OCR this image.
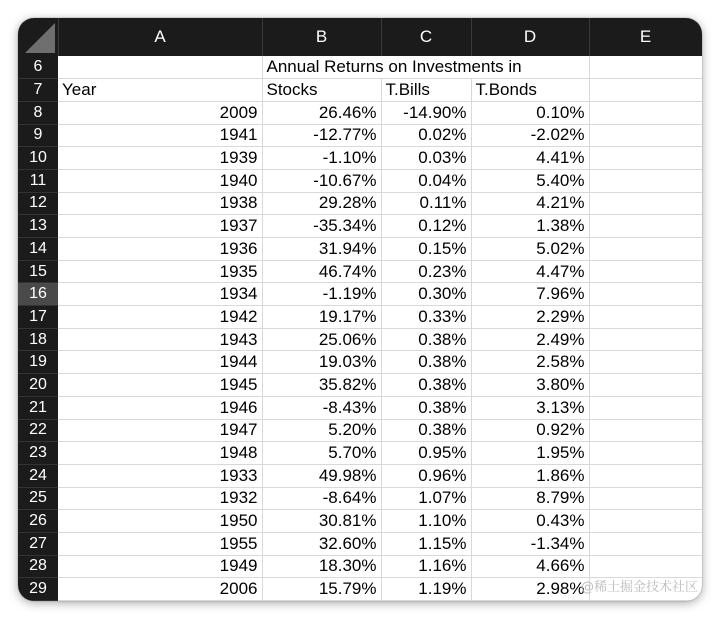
	A	B	C	D	E
6		Annual Returns on Investments in			
7	Year	Stocks	T.Bills	T.Bonds	
8	2009	26.46%	-14.90%	0.10%	
9	1941	-12.77%	0.02%	-2.02%	
10	1939	-1.10%	0.03%	4.41%	
11	1940	-10.67%	0.04%	5.40%	
12	1938	29.28%	0.11%	4.21%	
13	1937	-35.34%	0.12%	1.38%	
14	1936	31.94%	0.15%	5.02%	
15	1935	46.74%	0.23%	4.47%	
16	1934	-1.19%	0.30%	7.96%	
17	1942	19.17%	0.33%	2.29%	
18	1943	25.06%	0.38%	2.49%	
19	1944	19.03%	0.38%	2.58%	
20	1945	35.82%	0.38%	3.80%	
21	1946	-8.43%	0.38%	3.13%	
22	1947	5.20%	0.38%	0.92%	
23	1948	5.70%	0.95%	1.95%	
24	1933	49.98%	0.96%	1.86%	
25	1932	-8.64%	1.07%	8.79%	
26	1950	30.81%	1.10%	0.43%	
27	1955	32.60%	1.15%	-1.34%	
28	1949	18.30%	1.16%	4.66%	
29	2006	15.79%	1.19%	2.98%	
@稀土掘金技术社区
